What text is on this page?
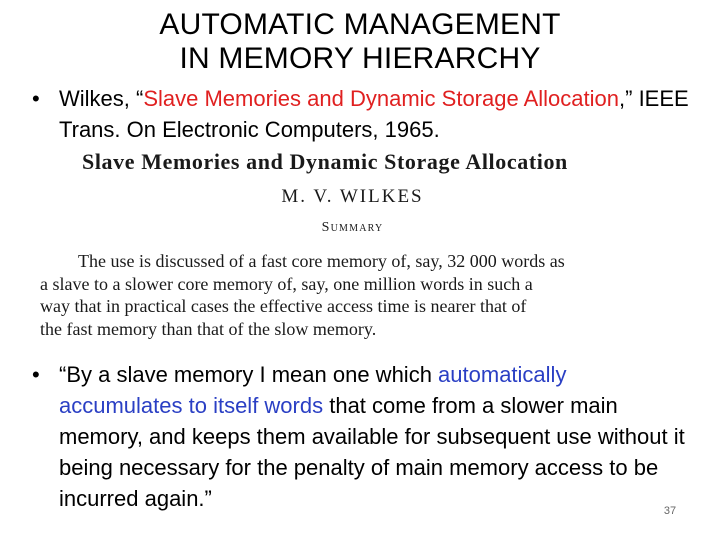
AUTOMATIC MANAGEMENT
IN MEMORY HIERARCHY
• Wilkes, “Slave Memories and Dynamic Storage Allocation,” IEEE Trans. On Electronic Computers, 1965.
Slave Memories and Dynamic Storage Allocation
M. V. WILKES
Summary
The use is discussed of a fast core memory of, say, 32 000 words as
a slave to a slower core memory of, say, one million words in such a
way that in practical cases the effective access time is nearer that of
the fast memory than that of the slow memory.
• “By a slave memory I mean one which automatically accumulates to itself words that come from a slower main memory, and keeps them available for subsequent use without it being necessary for the penalty of main memory access to be incurred again.”	37
